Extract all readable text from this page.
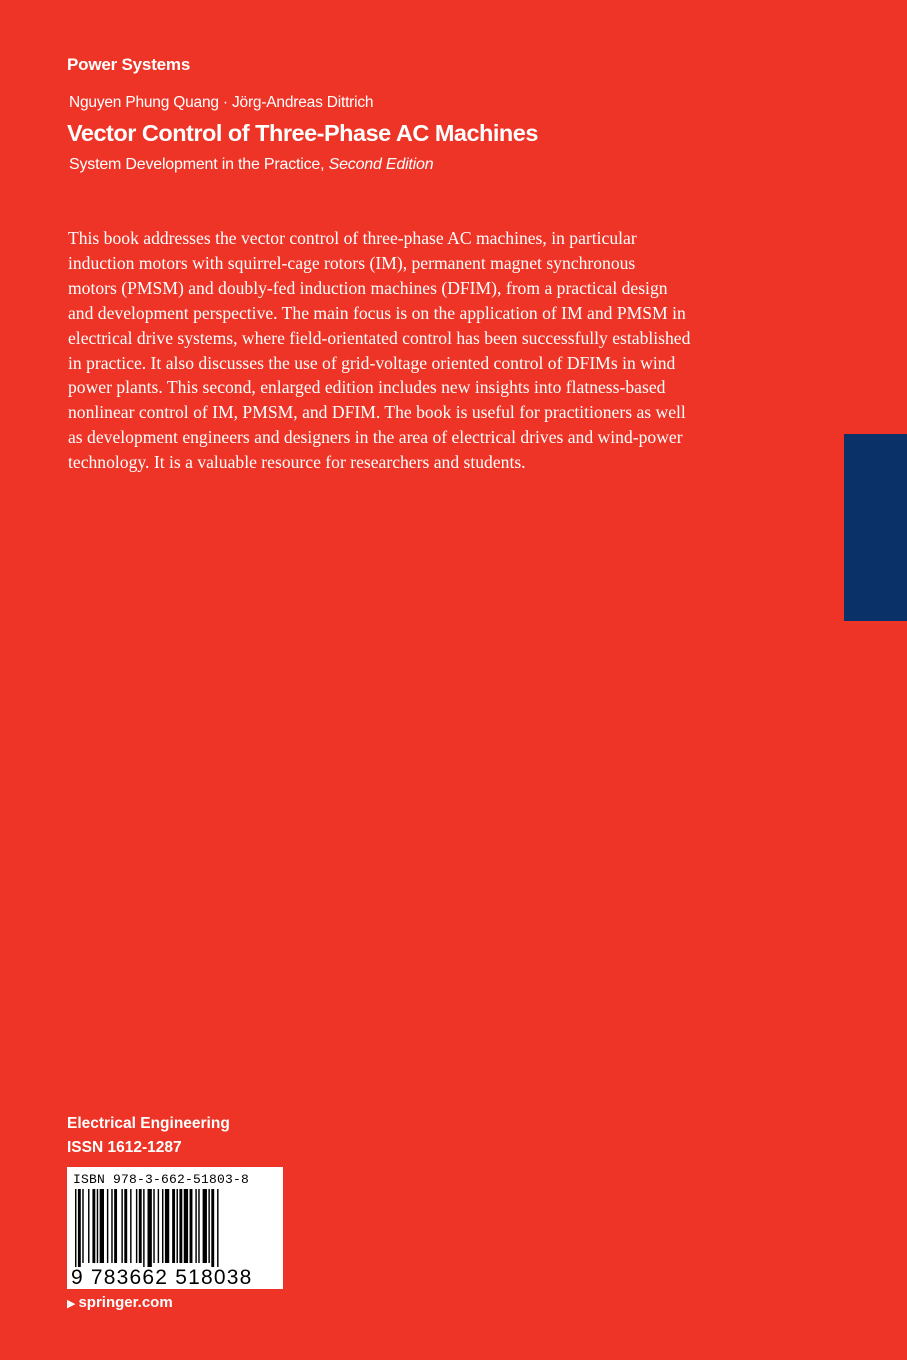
Power Systems
Nguyen Phung Quang · Jörg-Andreas Dittrich
Vector Control of Three-Phase AC Machines
System Development in the Practice, Second Edition

This book addresses the vector control of three-phase AC machines, in particular
induction motors with squirrel-cage rotors (IM), permanent magnet synchronous
motors (PMSM) and doubly-fed induction machines (DFIM), from a practical design
and development perspective. The main focus is on the application of IM and PMSM in
electrical drive systems, where field-orientated control has been successfully established
in practice. It also discusses the use of grid-voltage oriented control of DFIMs in wind
power plants. This second, enlarged edition includes new insights into flatness-based
nonlinear control of IM, PMSM, and DFIM. The book is useful for practitioners as well
as development engineers and designers in the area of electrical drives and wind-power
technology. It is a valuable resource for researchers and students.

Electrical Engineering
ISSN 1612-1287
ISBN 978-3-662-51803-8
9 783662 518038
▶ springer.com
